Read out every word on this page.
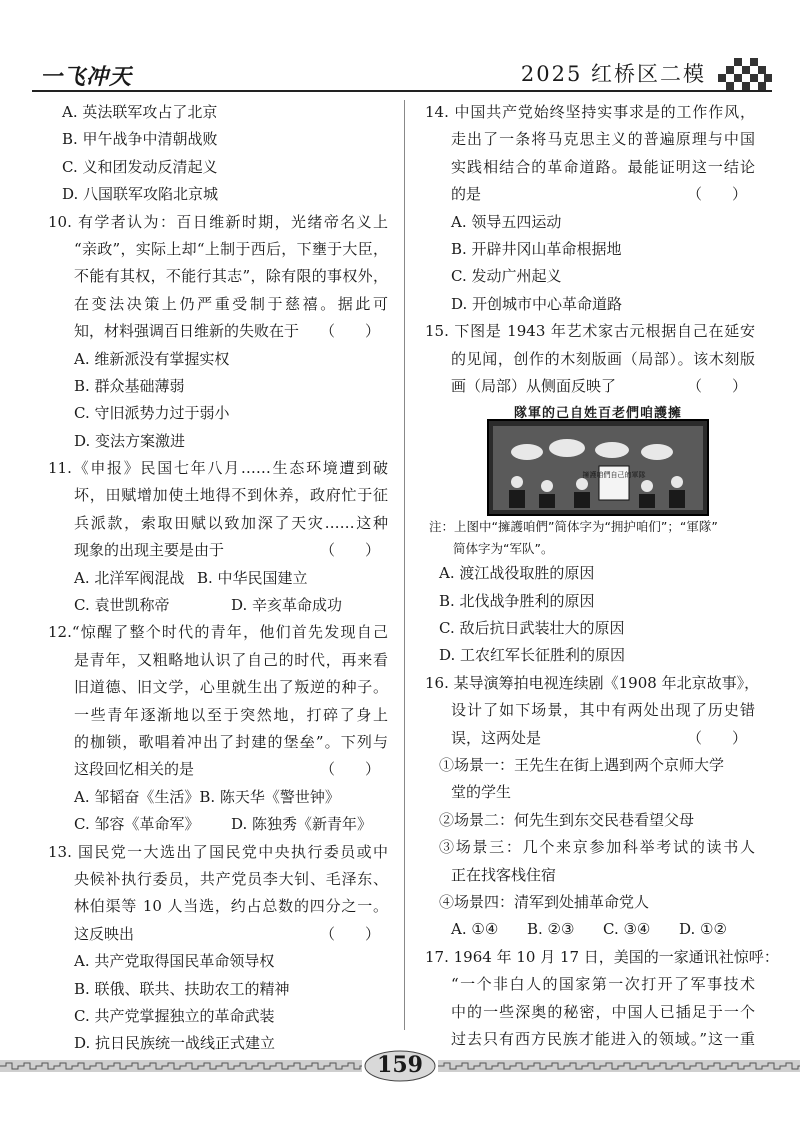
一飞冲天	2025 红桥区二模
A. 英法联军攻占了北京
B. 甲午战争中清朝战败
C. 义和团发动反清起义
D. 八国联军攻陷北京城
10. 有学者认为：百日维新时期，光绪帝名义上
“亲政”，实际上却“上制于西后，下壅于大臣，
不能有其权，不能行其志”，除有限的事权外，
在变法决策上仍严重受制于慈禧。据此可
知，材料强调百日维新的失败在于 （　　）
A. 维新派没有掌握实权
B. 群众基础薄弱
C. 守旧派势力过于弱小
D. 变法方案激进
11.《申报》民国七年八月……生态环境遭到破
坏，田赋增加使土地得不到休养，政府忙于征
兵派款，索取田赋以致加深了天灾……这种
现象的出现主要是由于	（　　）
A. 北洋军阀混战 B. 中华民国建立
C. 袁世凯称帝	D. 辛亥革命成功
12.“惊醒了整个时代的青年，他们首先发现自己
是青年，又粗略地认识了自己的时代，再来看
旧道德、旧文学，心里就生出了叛逆的种子。
一些青年逐渐地以至于突然地，打碎了身上
的枷锁，歌唱着冲出了封建的堡垒”。下列与
这段回忆相关的是	（　　）
A. 邹韬奋《生活》 B. 陈天华《警世钟》
C. 邹容《革命军》	D. 陈独秀《新青年》
13. 国民党一大选出了国民党中央执行委员或中
央候补执行委员，共产党员李大钊、毛泽东、
林伯渠等 10 人当选，约占总数的四分之一。
这反映出	（　　）
A. 共产党取得国民革命领导权
B. 联俄、联共、扶助农工的精神
C. 共产党掌握独立的革命武装
D. 抗日民族统一战线正式建立
14. 中国共产党始终坚持实事求是的工作作风，
走出了一条将马克思主义的普遍原理与中国
实践相结合的革命道路。最能证明这一结论
的是	（　　）
A. 领导五四运动
B. 开辟井冈山革命根据地
C. 发动广州起义
D. 开创城市中心革命道路
15. 下图是 1943 年艺术家古元根据自己在延安
的见闻，创作的木刻版画（局部）。该木刻版
画（局部）从侧面反映了	（　　）
擁護咱們自己的軍隊
隊軍的己自姓百老們咱護擁
注：上图中“擁護咱們”简体字为“拥护咱们”；“軍隊”
简体字为“军队”。
A. 渡江战役取胜的原因
B. 北伐战争胜利的原因
C. 敌后抗日武装壮大的原因
D. 工农红军长征胜利的原因
16. 某导演筹拍电视连续剧《1908 年北京故事》，
设计了如下场景，其中有两处出现了历史错
误，这两处是	（　　）
①场景一：王先生在街上遇到两个京师大学
堂的学生
②场景二：何先生到东交民巷看望父母
③场景三：几个来京参加科举考试的读书人
正在找客栈住宿
④场景四：清军到处捕革命党人
A. ①④	B. ②③	C. ③④	D. ①②
17. 1964 年 10 月 17 日，美国的一家通讯社惊呼：
“一个非白人的国家第一次打开了军事技术
中的一些深奥的秘密，中国人已插足于一个
过去只有西方民族才能进入的领域。”这一重
159
